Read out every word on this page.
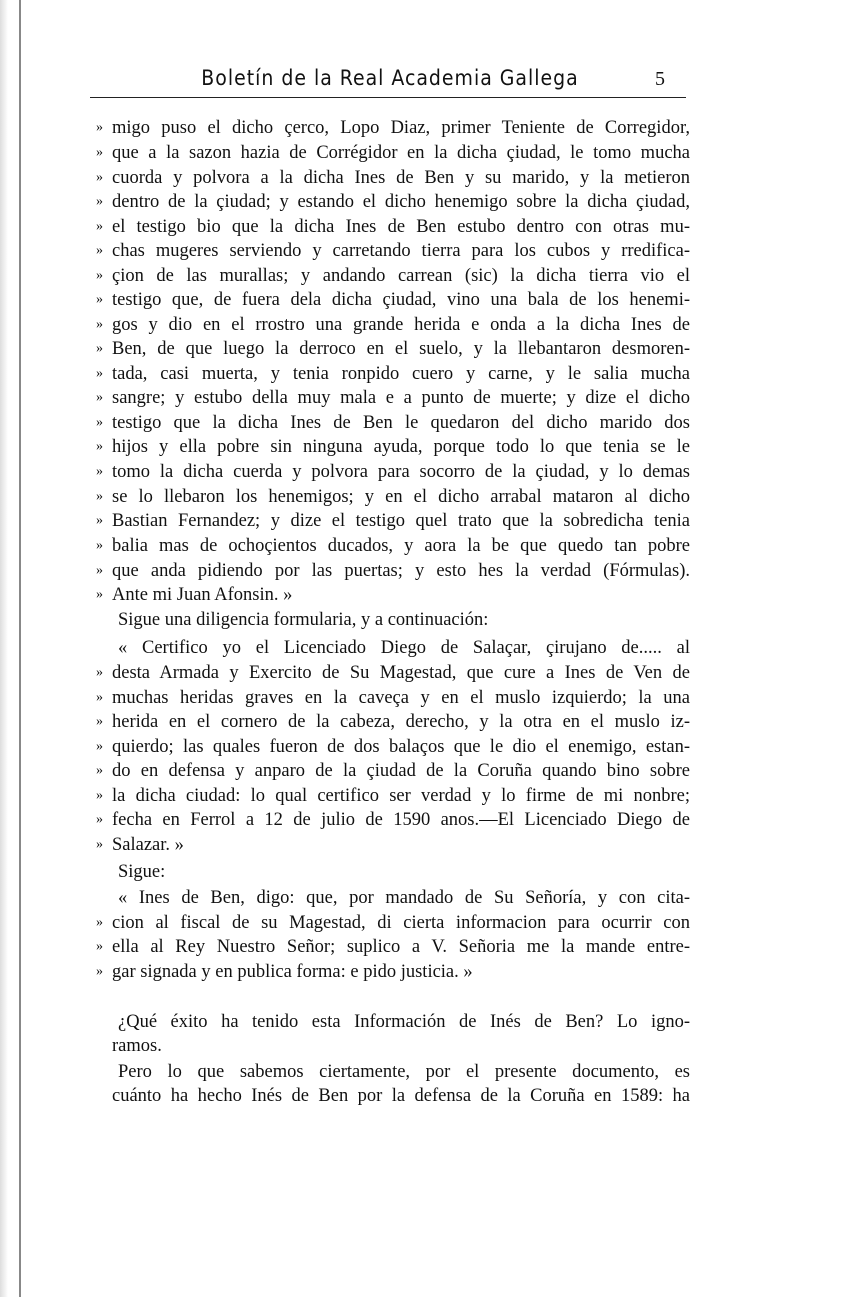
Boletín de la Real Academia Gallega	5
» migo puso el dicho çerco, Lopo Diaz, primer Teniente de Corregidor,
» que a la sazon hazia de Corrégidor en la dicha çiudad, le tomo mucha
» cuorda y polvora a la dicha Ines de Ben y su marido, y la metieron
» dentro de la çiudad; y estando el dicho henemigo sobre la dicha çiudad,
» el testigo bio que la dicha Ines de Ben estubo dentro con otras mu-
» chas mugeres serviendo y carretando tierra para los cubos y rredifica-
» çion de las murallas; y andando carrean (sic) la dicha tierra vio el
» testigo que, de fuera dela dicha çiudad, vino una bala de los henemi-
» gos y dio en el rrostro una grande herida e onda a la dicha Ines de
» Ben, de que luego la derroco en el suelo, y la llebantaron desmoren-
» tada, casi muerta, y tenia ronpido cuero y carne, y le salia mucha
» sangre; y estubo della muy mala e a punto de muerte; y dize el dicho
» testigo que la dicha Ines de Ben le quedaron del dicho marido dos
» hijos y ella pobre sin ninguna ayuda, porque todo lo que tenia se le
» tomo la dicha cuerda y polvora para socorro de la çiudad, y lo demas
» se lo llebaron los henemigos; y en el dicho arrabal mataron al dicho
» Bastian Fernandez; y dize el testigo quel trato que la sobredicha tenia
» balia mas de ochoçientos ducados, y aora la be que quedo tan pobre
» que anda pidiendo por las puertas; y esto hes la verdad (Fórmulas).
» Ante mi Juan Afonsin. »
Sigue una diligencia formularia, y a continuación:
« Certifico yo el Licenciado Diego de Salaçar, çirujano de..... al
» desta Armada y Exercito de Su Magestad, que cure a Ines de Ven de
» muchas heridas graves en la caveça y en el muslo izquierdo; la una
» herida en el cornero de la cabeza, derecho, y la otra en el muslo iz-
» quierdo; las quales fueron de dos balaços que le dio el enemigo, estan-
» do en defensa y anparo de la çiudad de la Coruña quando bino sobre
» la dicha ciudad: lo qual certifico ser verdad y lo firme de mi nonbre;
» fecha en Ferrol a 12 de julio de 1590 anos.—El Licenciado Diego de
» Salazar. »
Sigue:
« Ines de Ben, digo: que, por mandado de Su Señoría, y con cita-
» cion al fiscal de su Magestad, di cierta informacion para ocurrir con
» ella al Rey Nuestro Señor; suplico a V. Señoria me la mande entre-
» gar signada y en publica forma: e pido justicia. »
¿Qué éxito ha tenido esta Información de Inés de Ben? Lo igno-
ramos.
Pero lo que sabemos ciertamente, por el presente documento, es
cuánto ha hecho Inés de Ben por la defensa de la Coruña en 1589: ha
